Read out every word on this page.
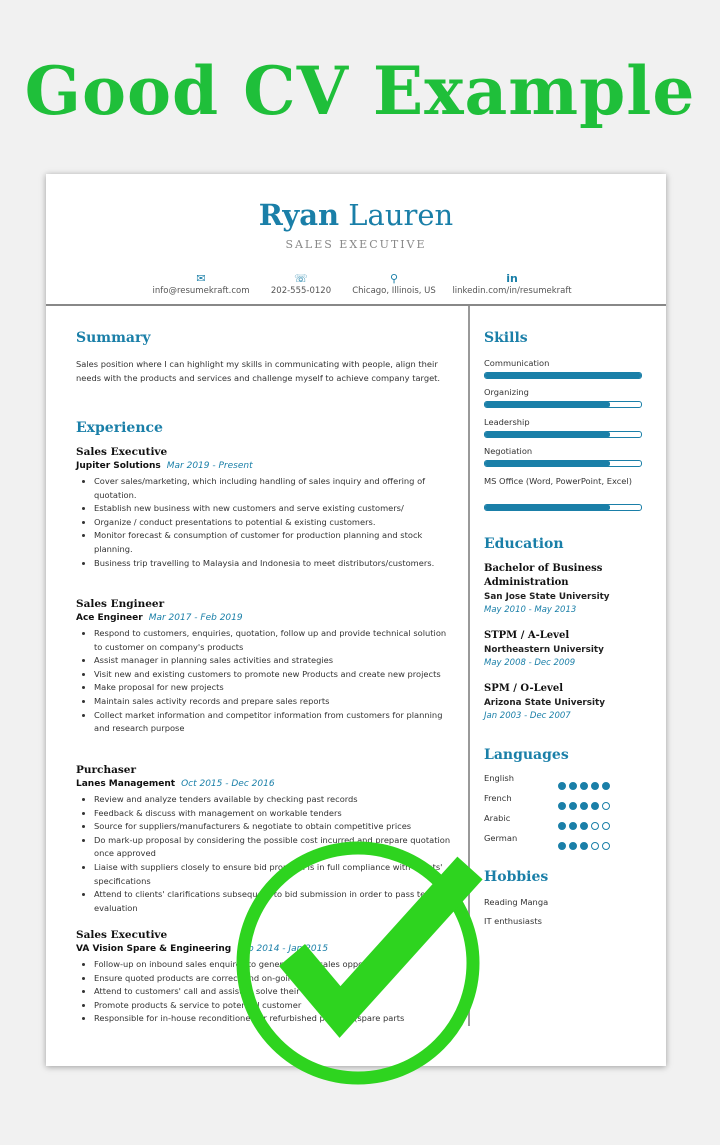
Good CV Example
Ryan Lauren
SALES EXECUTIVE
✉
info@resumekraft.com
☏
202-555-0120
⚲
Chicago, Illinois, US
in
linkedin.com/in/resumekraft
Summary
Sales position where I can highlight my skills in communicating with people, align their needs with the products and services and challenge myself to achieve company target.
Experience
Sales Executive
Jupiter Solutions Mar 2019 - Present
• Cover sales/marketing, which including handling of sales inquiry and offering of quotation.
• Establish new business with new customers and serve existing customers/
• Organize / conduct presentations to potential & existing customers.
• Monitor forecast & consumption of customer for production planning and stock planning.
• Business trip travelling to Malaysia and Indonesia to meet distributors/customers.
Sales Engineer
Ace Engineer Mar 2017 - Feb 2019
• Respond to customers, enquiries, quotation, follow up and provide technical solution to customer on company's products
• Assist manager in planning sales activities and strategies
• Visit new and existing customers to promote new Products and create new projects
• Make proposal for new projects
• Maintain sales activity records and prepare sales reports
• Collect market information and competitor information from customers for planning and research purpose
Purchaser
Lanes Management Oct 2015 - Dec 2016
• Review and analyze tenders available by checking past records
• Feedback & discuss with management on workable tenders
• Source for suppliers/manufacturers & negotiate to obtain competitive prices
• Do mark-up proposal by considering the possible cost incurred and prepare quotation once approved
• Liaise with suppliers closely to ensure bid proposal is in full compliance with clients' specifications
• Attend to clients' clarifications subsequent to bid submission in order to pass technical evaluation
Sales Executive
VA Vision Spare & Engineering Feb 2014 - Jan 2015
• Follow-up on inbound sales enquires to generate new sales opportunities.
• Ensure quoted products are correct and on-going
• Attend to customers' call and assist to solve their issues
• Promote products & service to potential customer
• Responsible for in-house reconditioned or refurbished product (spare parts
Skills
Communication
Organizing
Leadership
Negotiation
MS Office (Word, PowerPoint, Excel)
Education
Bachelor of Business Administration
San Jose State University
May 2010 - May 2013
STPM / A-Level
Northeastern University
May 2008 - Dec 2009
SPM / O-Level
Arizona State University
Jan 2003 - Dec 2007
Languages
English
French
Arabic
German
Hobbies
Reading Manga
IT enthusiasts
